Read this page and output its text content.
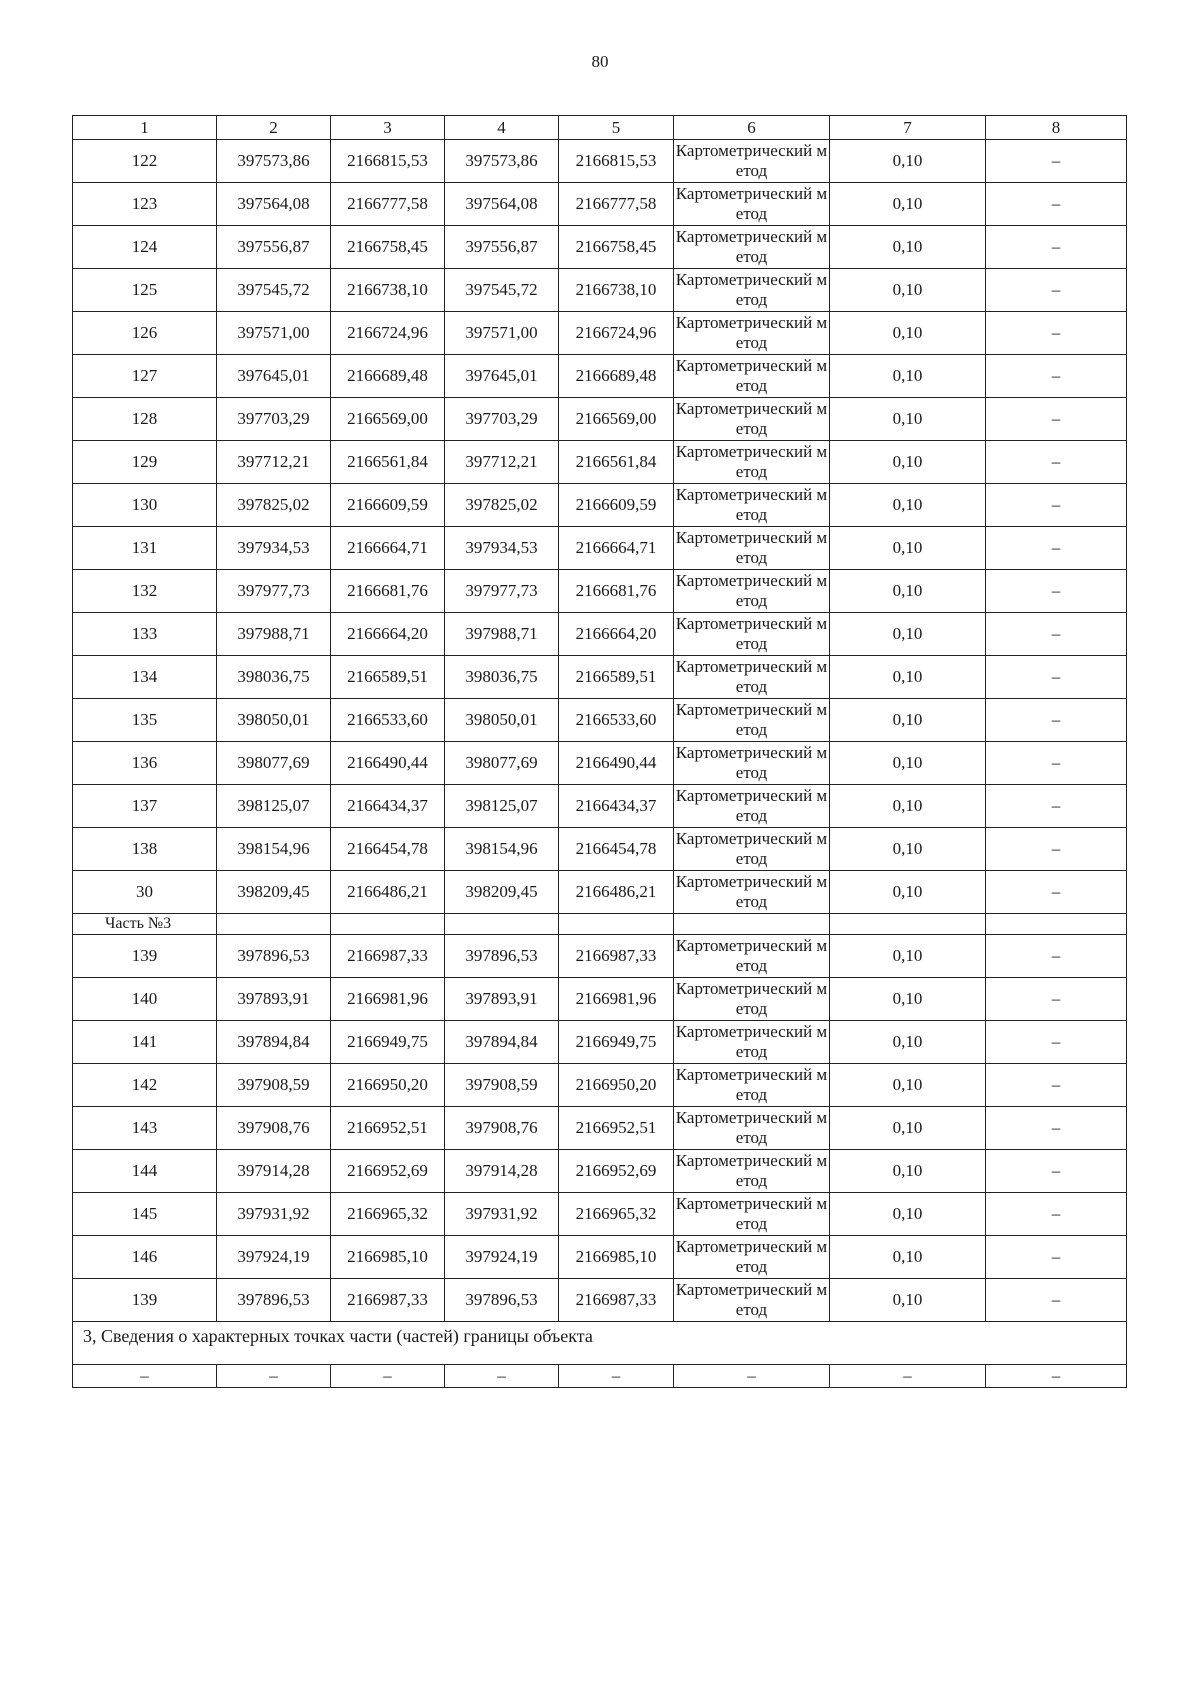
80
1	2	3	4	5	6	7	8
122	397573,86	2166815,53	397573,86	2166815,53	Картометрический метод	0,10	–
123	397564,08	2166777,58	397564,08	2166777,58	Картометрический метод	0,10	–
124	397556,87	2166758,45	397556,87	2166758,45	Картометрический метод	0,10	–
125	397545,72	2166738,10	397545,72	2166738,10	Картометрический метод	0,10	–
126	397571,00	2166724,96	397571,00	2166724,96	Картометрический метод	0,10	–
127	397645,01	2166689,48	397645,01	2166689,48	Картометрический метод	0,10	–
128	397703,29	2166569,00	397703,29	2166569,00	Картометрический метод	0,10	–
129	397712,21	2166561,84	397712,21	2166561,84	Картометрический метод	0,10	–
130	397825,02	2166609,59	397825,02	2166609,59	Картометрический метод	0,10	–
131	397934,53	2166664,71	397934,53	2166664,71	Картометрический метод	0,10	–
132	397977,73	2166681,76	397977,73	2166681,76	Картометрический метод	0,10	–
133	397988,71	2166664,20	397988,71	2166664,20	Картометрический метод	0,10	–
134	398036,75	2166589,51	398036,75	2166589,51	Картометрический метод	0,10	–
135	398050,01	2166533,60	398050,01	2166533,60	Картометрический метод	0,10	–
136	398077,69	2166490,44	398077,69	2166490,44	Картометрический метод	0,10	–
137	398125,07	2166434,37	398125,07	2166434,37	Картометрический метод	0,10	–
138	398154,96	2166454,78	398154,96	2166454,78	Картометрический метод	0,10	–
30	398209,45	2166486,21	398209,45	2166486,21	Картометрический метод	0,10	–
Часть №3							
139	397896,53	2166987,33	397896,53	2166987,33	Картометрический метод	0,10	–
140	397893,91	2166981,96	397893,91	2166981,96	Картометрический метод	0,10	–
141	397894,84	2166949,75	397894,84	2166949,75	Картометрический метод	0,10	–
142	397908,59	2166950,20	397908,59	2166950,20	Картометрический метод	0,10	–
143	397908,76	2166952,51	397908,76	2166952,51	Картометрический метод	0,10	–
144	397914,28	2166952,69	397914,28	2166952,69	Картометрический метод	0,10	–
145	397931,92	2166965,32	397931,92	2166965,32	Картометрический метод	0,10	–
146	397924,19	2166985,10	397924,19	2166985,10	Картометрический метод	0,10	–
139	397896,53	2166987,33	397896,53	2166987,33	Картометрический метод	0,10	–
3, Сведения о характерных точках части (частей) границы объекта							
–	–	–	–	–	–	–	–
